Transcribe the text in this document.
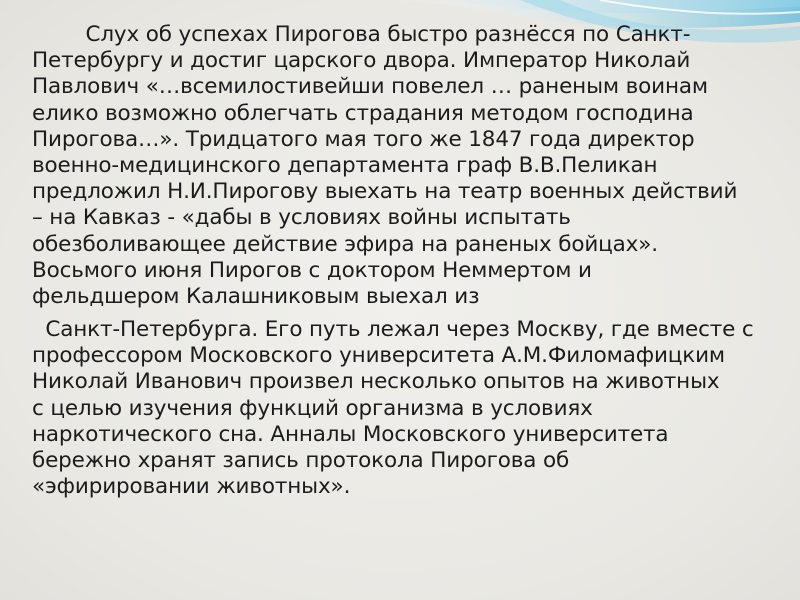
Слух об успехах Пирогова быстро разнёсся по Санкт-
Петербургу и достиг царского двора. Император Николай
Павлович «…всемилостивейши повелел … раненым воинам
елико возможно облегчать страдания методом господина
Пирогова…». Тридцатого мая того же 1847 года директор
военно-медицинского департамента граф В.В.Пеликан
предложил Н.И.Пирогову выехать на театр военных действий
– на Кавказ - «дабы в условиях войны испытать
обезболивающее действие эфира на раненых бойцах».
Восьмого июня Пирогов с доктором Неммертом и
фельдшером Калашниковым выехал из

Санкт-Петербурга. Его путь лежал через Москву, где вместе с
профессором Московского университета А.М.Филомафицким
Николай Иванович произвел несколько опытов на животных
с целью изучения функций организма в условиях
наркотического сна. Анналы Московского университета
бережно хранят запись протокола Пирогова об
«эфирировании животных».
